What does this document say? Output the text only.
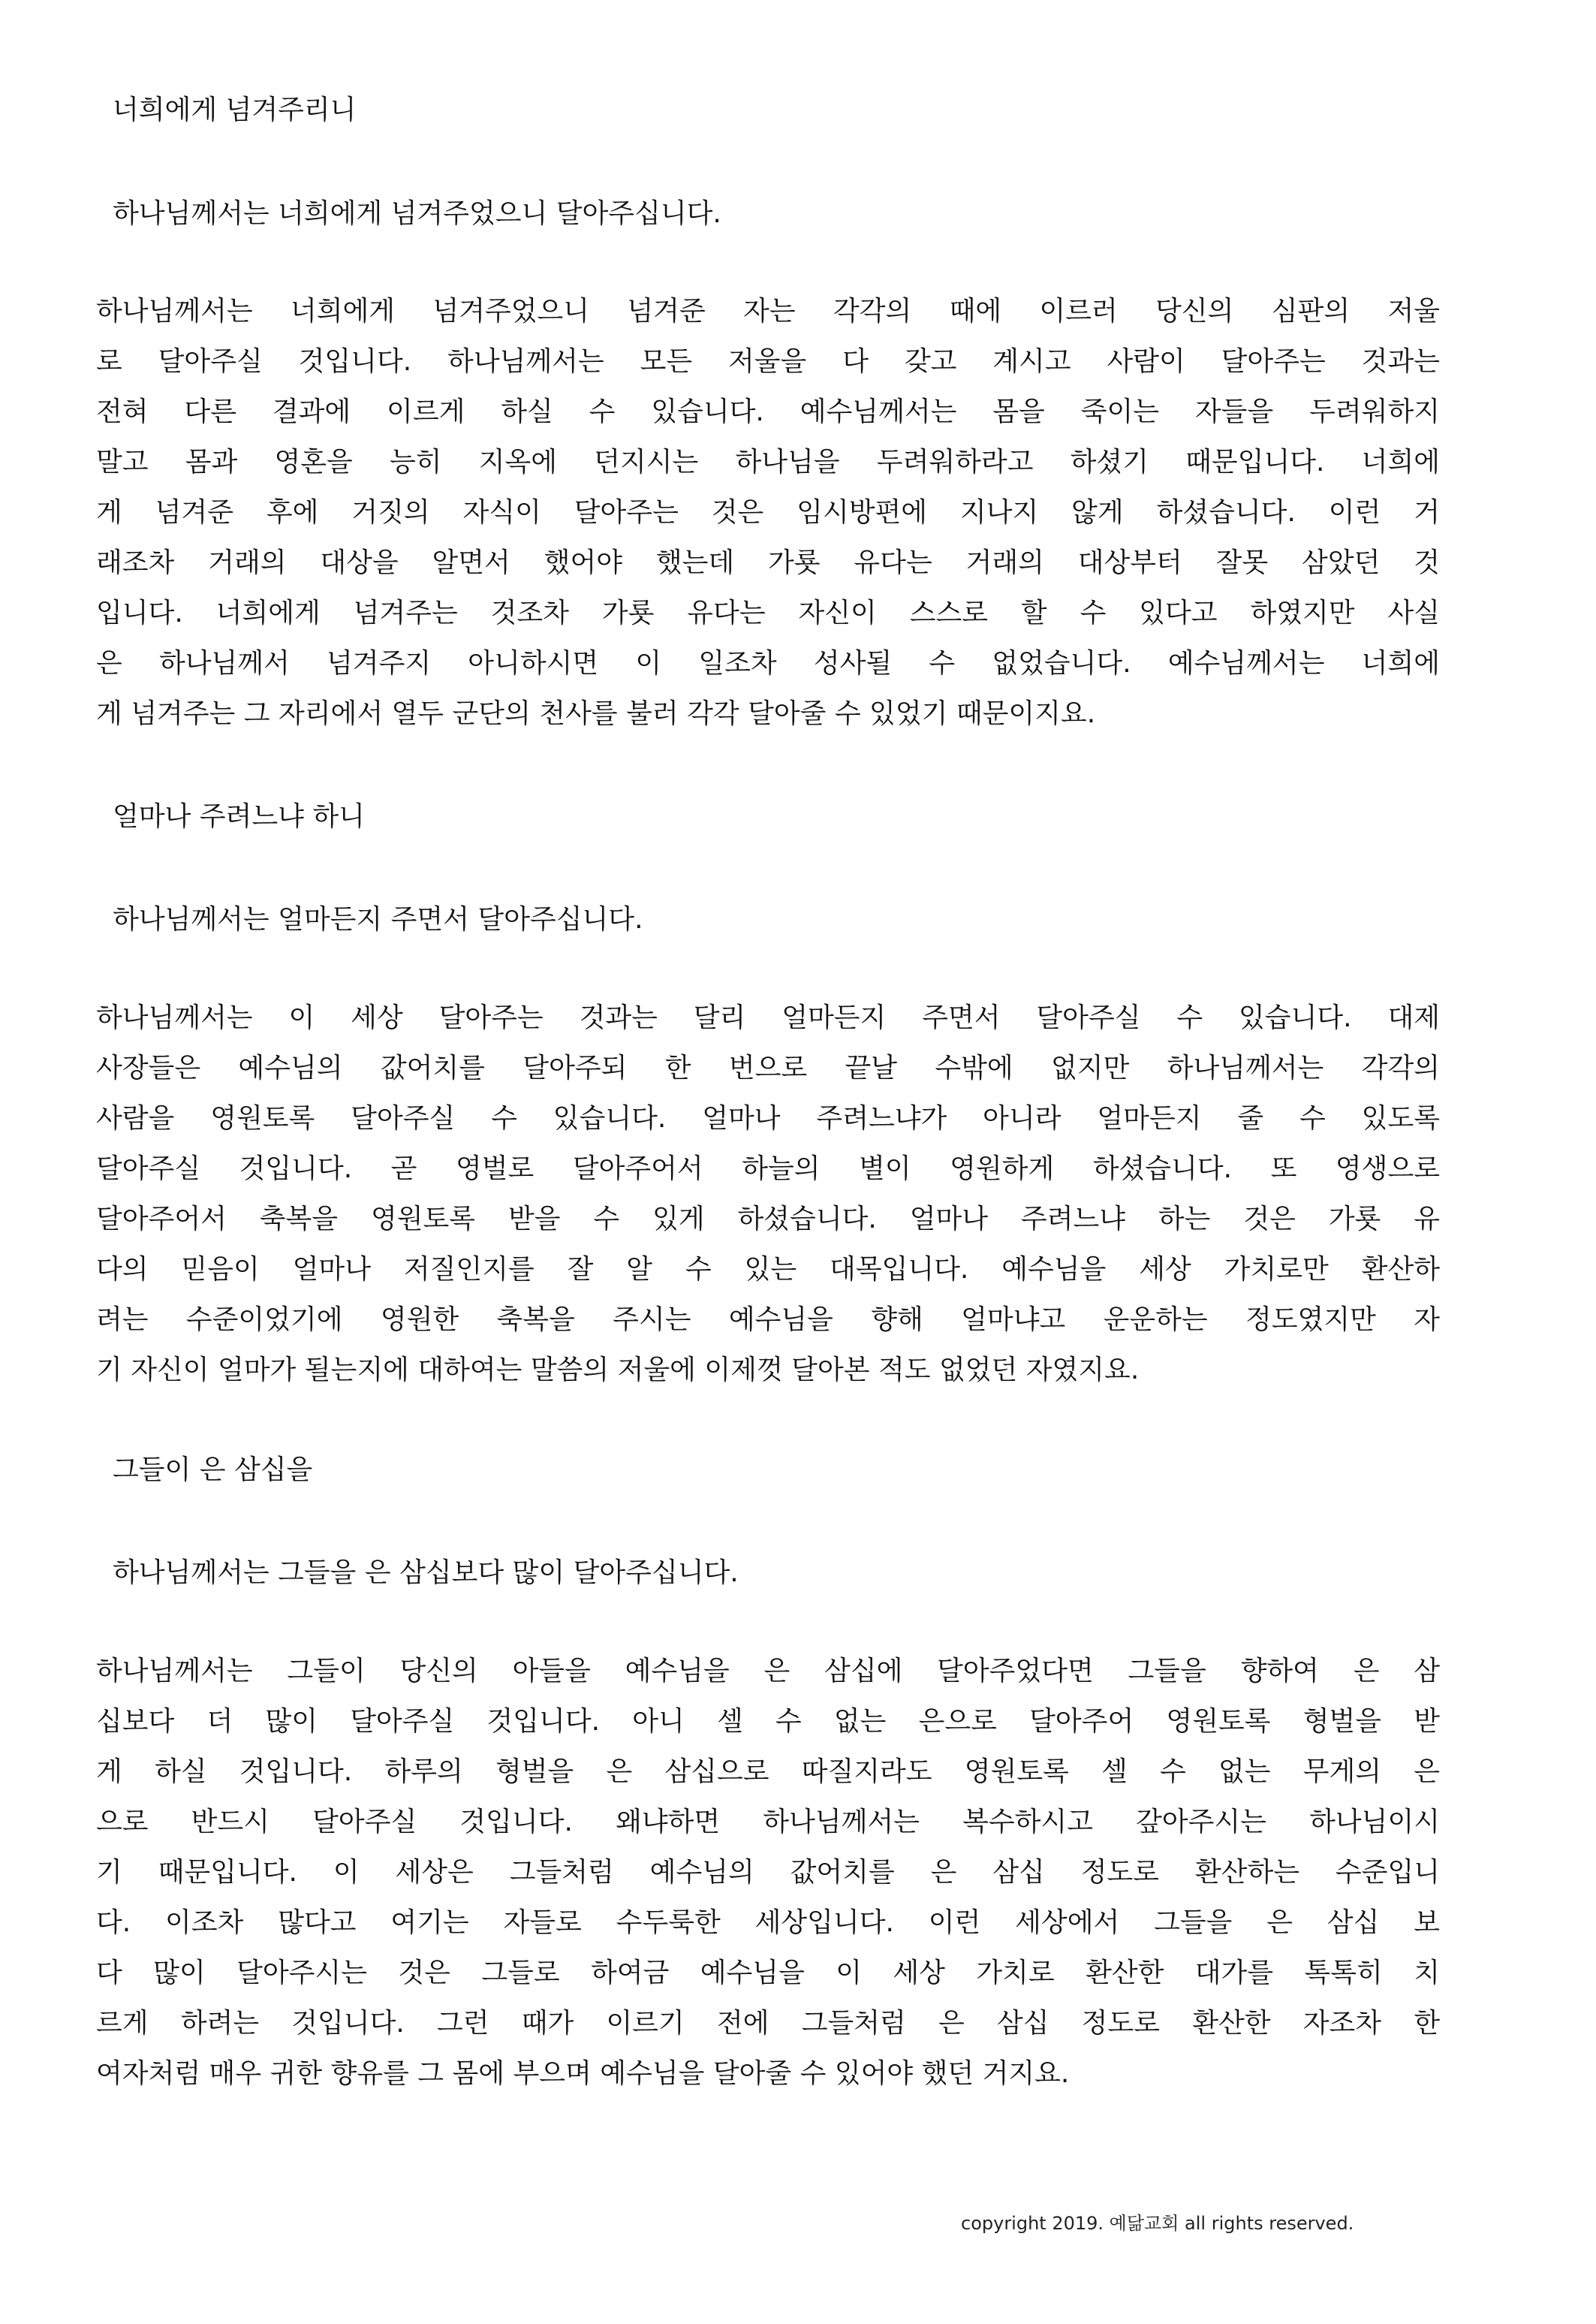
너희에게 넘겨주리니
하나님께서는 너희에게 넘겨주었으니 달아주십니다.
하나님께서는 너희에게 넘겨주었으니 넘겨준 자는 각각의 때에 이르러 당신의 심판의 저울
로 달아주실 것입니다. 하나님께서는 모든 저울을 다 갖고 계시고 사람이 달아주는 것과는
전혀 다른 결과에 이르게 하실 수 있습니다. 예수님께서는 몸을 죽이는 자들을 두려워하지
말고 몸과 영혼을 능히 지옥에 던지시는 하나님을 두려워하라고 하셨기 때문입니다. 너희에
게 넘겨준 후에 거짓의 자식이 달아주는 것은 임시방편에 지나지 않게 하셨습니다. 이런 거
래조차 거래의 대상을 알면서 했어야 했는데 가룟 유다는 거래의 대상부터 잘못 삼았던 것
입니다. 너희에게 넘겨주는 것조차 가룟 유다는 자신이 스스로 할 수 있다고 하였지만 사실
은 하나님께서 넘겨주지 아니하시면 이 일조차 성사될 수 없었습니다. 예수님께서는 너희에
게 넘겨주는 그 자리에서 열두 군단의 천사를 불러 각각 달아줄 수 있었기 때문이지요.
얼마나 주려느냐 하니
하나님께서는 얼마든지 주면서 달아주십니다.
하나님께서는 이 세상 달아주는 것과는 달리 얼마든지 주면서 달아주실 수 있습니다. 대제
사장들은 예수님의 값어치를 달아주되 한 번으로 끝날 수밖에 없지만 하나님께서는 각각의
사람을 영원토록 달아주실 수 있습니다. 얼마나 주려느냐가 아니라 얼마든지 줄 수 있도록
달아주실 것입니다. 곧 영벌로 달아주어서 하늘의 별이 영원하게 하셨습니다. 또 영생으로
달아주어서 축복을 영원토록 받을 수 있게 하셨습니다. 얼마나 주려느냐 하는 것은 가룟 유
다의 믿음이 얼마나 저질인지를 잘 알 수 있는 대목입니다. 예수님을 세상 가치로만 환산하
려는 수준이었기에 영원한 축복을 주시는 예수님을 향해 얼마냐고 운운하는 정도였지만 자
기 자신이 얼마가 될는지에 대하여는 말씀의 저울에 이제껏 달아본 적도 없었던 자였지요.
그들이 은 삼십을
하나님께서는 그들을 은 삼십보다 많이 달아주십니다.
하나님께서는 그들이 당신의 아들을 예수님을 은 삼십에 달아주었다면 그들을 향하여 은 삼
십보다 더 많이 달아주실 것입니다. 아니 셀 수 없는 은으로 달아주어 영원토록 형벌을 받
게 하실 것입니다. 하루의 형벌을 은 삼십으로 따질지라도 영원토록 셀 수 없는 무게의 은
으로 반드시 달아주실 것입니다. 왜냐하면 하나님께서는 복수하시고 갚아주시는 하나님이시
기 때문입니다. 이 세상은 그들처럼 예수님의 값어치를 은 삼십 정도로 환산하는 수준입니
다. 이조차 많다고 여기는 자들로 수두룩한 세상입니다. 이런 세상에서 그들을 은 삼십 보
다 많이 달아주시는 것은 그들로 하여금 예수님을 이 세상 가치로 환산한 대가를 톡톡히 치
르게 하려는 것입니다. 그런 때가 이르기 전에 그들처럼 은 삼십 정도로 환산한 자조차 한
여자처럼 매우 귀한 향유를 그 몸에 부으며 예수님을 달아줄 수 있어야 했던 거지요.
copyright 2019. 예닮교회 all rights reserved.
